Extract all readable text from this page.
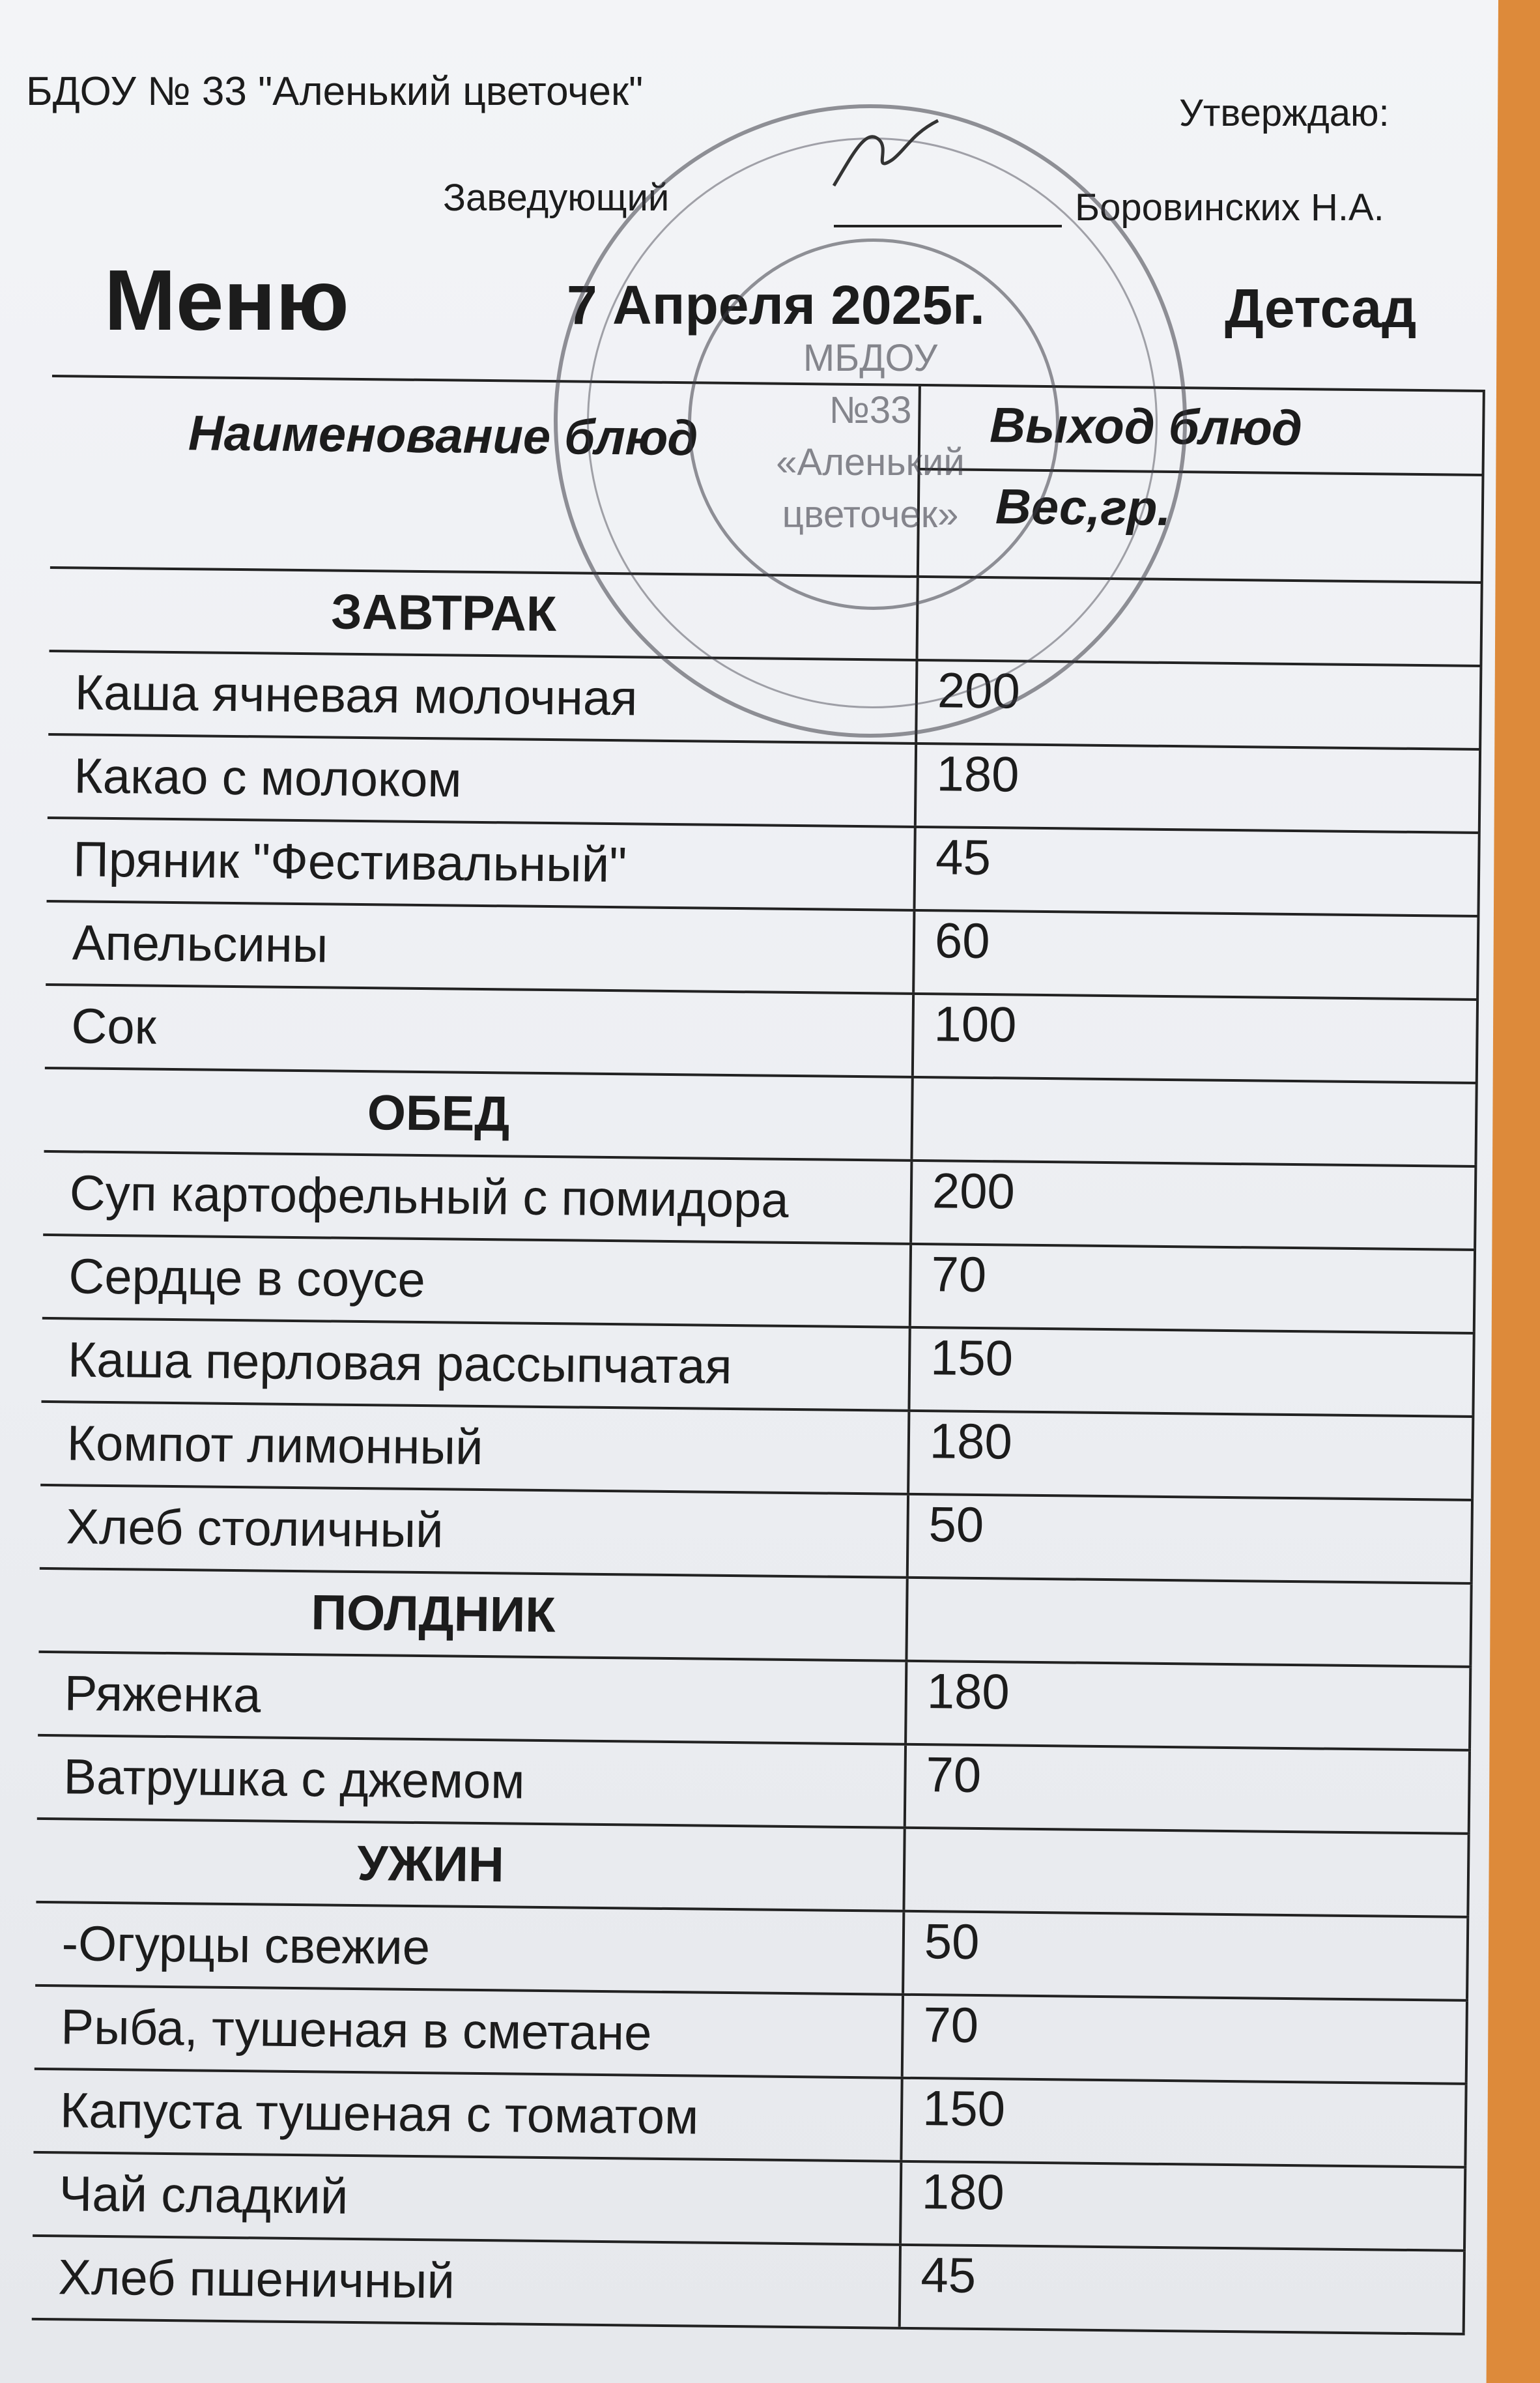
БДОУ № 33 "Аленький цветочек"	Утверждаю:
Заведующий	Боровинских Н.А.
Меню	7 Апреля 2025г.	Детсад
Наименование блюд	Выход блюд
Вес,гр.
ЗАВТРАК
Каша ячневая молочная	200
Какао с молоком	180
Пряник "Фестивальный"	45
Апельсины	60
Сок	100
ОБЕД
Суп картофельный с помидора	200
Сердце в соусе	70
Каша перловая рассыпчатая	150
Компот лимонный	180
Хлеб столичный	50
ПОЛДНИК
Ряженка	180
Ватрушка с джемом	70
УЖИН
-Огурцы свежие	50
Рыба, тушеная в сметане	70
Капуста тушеная с томатом	150
Чай сладкий	180
Хлеб пшеничный	45
МБДОУ
№33
«Аленький
цветочек»
